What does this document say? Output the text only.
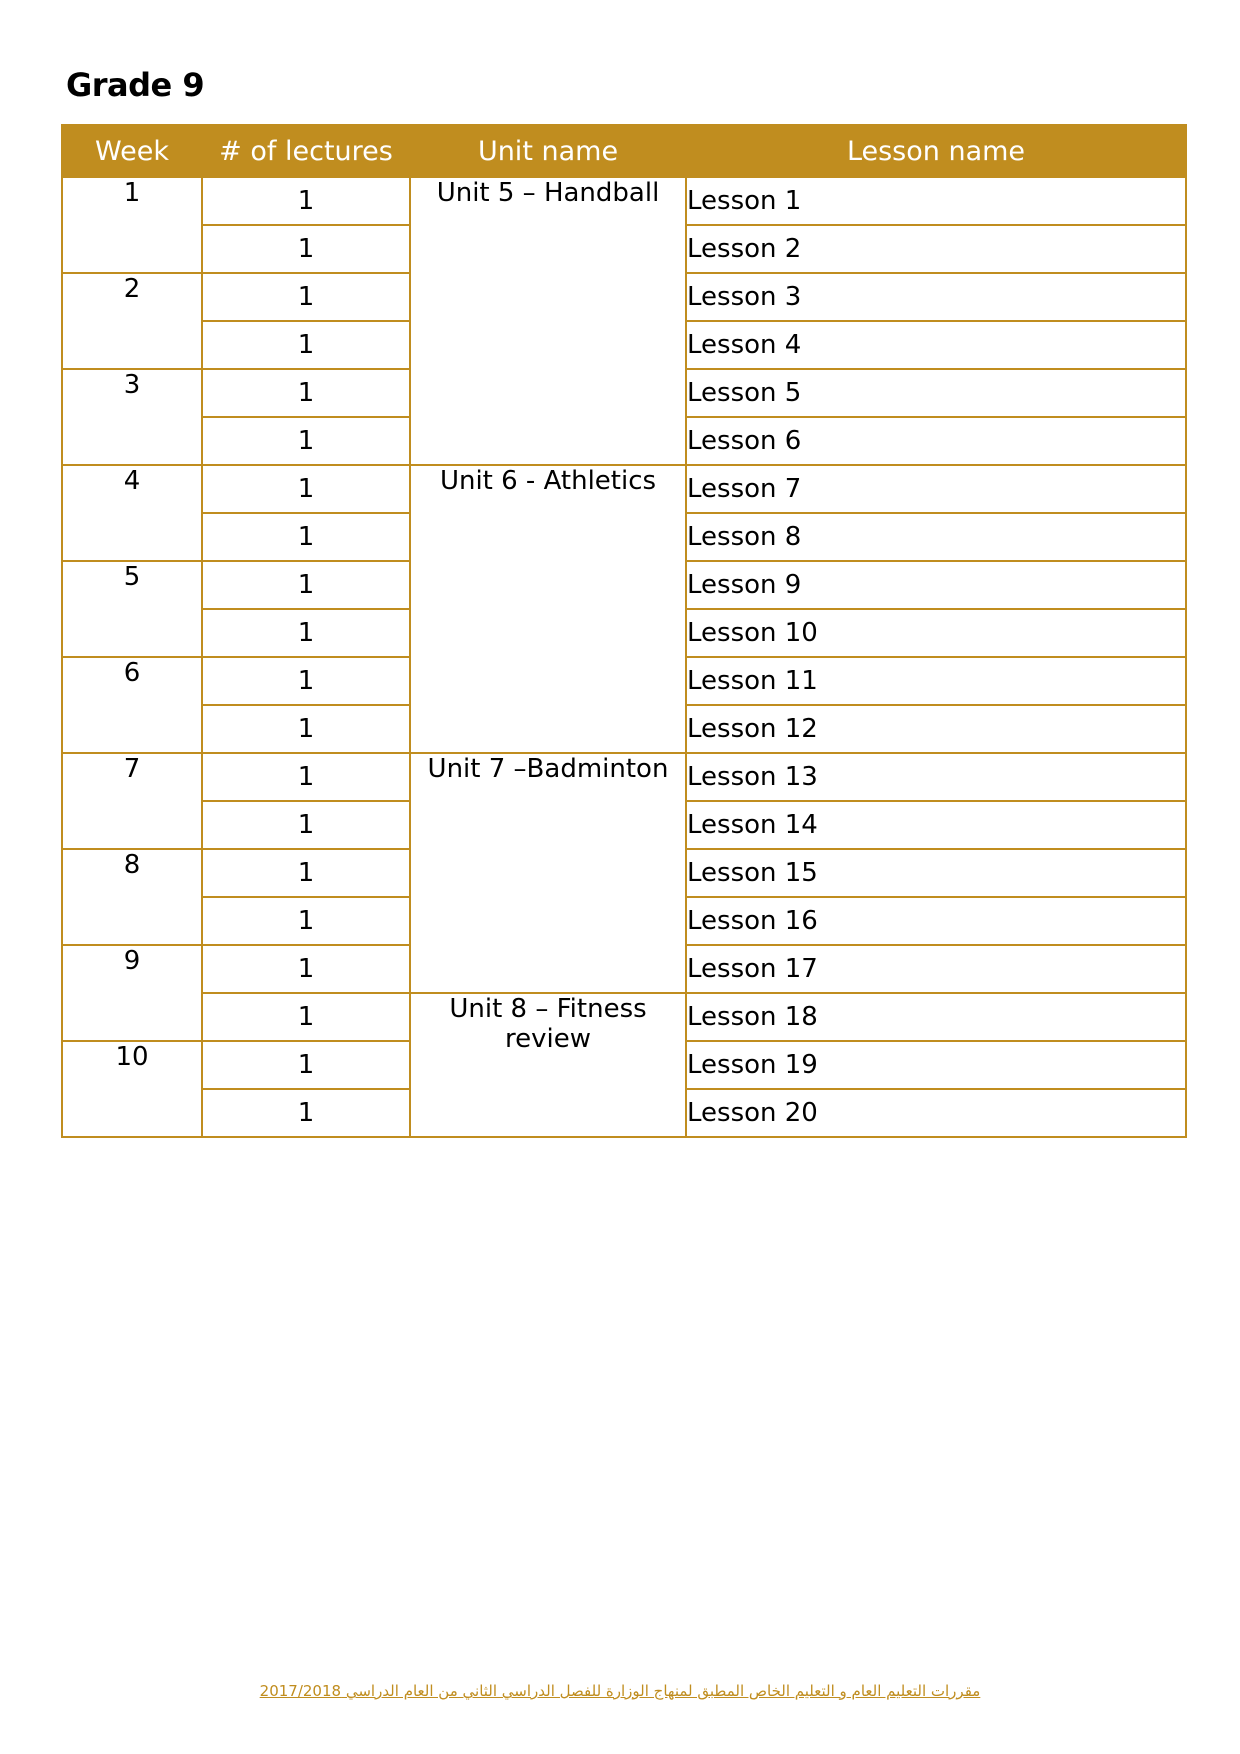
Grade 9
Week	# of lectures	Unit name	Lesson name
1	1	Unit 5 – Handball	Lesson 1
	1		Lesson 2
2	1		Lesson 3
	1		Lesson 4
3	1		Lesson 5
	1		Lesson 6
4	1	Unit 6 - Athletics	Lesson 7
	1		Lesson 8
5	1		Lesson 9
	1		Lesson 10
6	1		Lesson 11
	1		Lesson 12
7	1	Unit 7 –Badminton	Lesson 13
	1		Lesson 14
8	1		Lesson 15
	1		Lesson 16
9	1		Lesson 17
	1	Unit 8 – Fitness review	Lesson 18
10	1		Lesson 19
	1		Lesson 20
مقررات التعليم العام و التعليم الخاص المطبق لمنهاج الوزارة للفصل الدراسي الثاني من العام الدراسي 2017/2018
